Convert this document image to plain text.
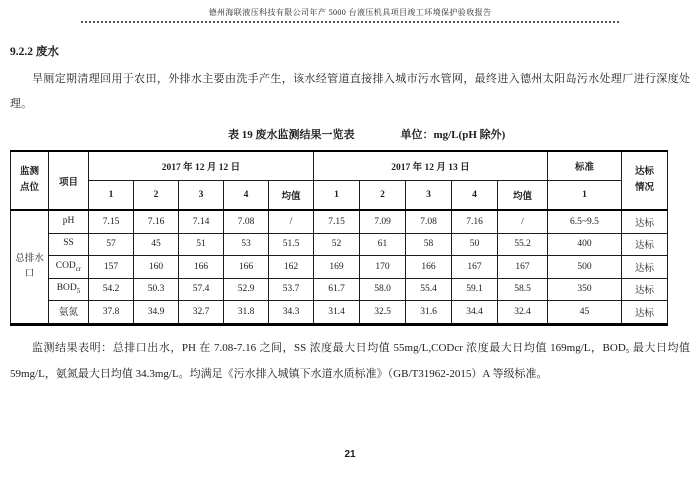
德州海联液压科技有限公司年产 5000 台液压机具项目竣工环境保护验收报告
9.2.2 废水

旱厕定期清理回用于农田，外排水主要由洗手产生，该水经管道直接排入城市污水管网，最终进入德州太阳岛污水处理厂进行深度处理。

表 19 废水监测结果一览表	单位：mg/L(pH 除外)
监测点位	项目	2017 年 12 月 12 日					2017 年 12 月 13 日					标准	达标情况
		1	2	3	4	均值	1	2	3	4	均值	1	
总排水口	pH	7.15	7.16	7.14	7.08	/	7.15	7.09	7.08	7.16	/	6.5~9.5	达标
	SS	57	45	51	53	51.5	52	61	58	50	55.2	400	达标
	$COD_{cr}$	157	160	166	166	162	169	170	166	167	167	500	达标
	$BOD_5$	54.2	50.3	57.4	52.9	53.7	61.7	58.0	55.4	59.1	58.5	350	达标
	氨氮	37.8	34.9	32.7	31.8	34.3	31.4	32.5	31.6	34.4	32.4	45	达标

监测结果表明：总排口出水，PH 在 7.08-7.16 之间，SS 浓度最大日均值 55mg/L,CODcr 浓度最大日均值 169mg/L，BOD₅ 最大日均值 59mg/L，氨氮最大日均值 34.3mg/L。均满足《污水排入城镇下水道水质标准》（GB/T31962-2015）A 等级标准。

21
